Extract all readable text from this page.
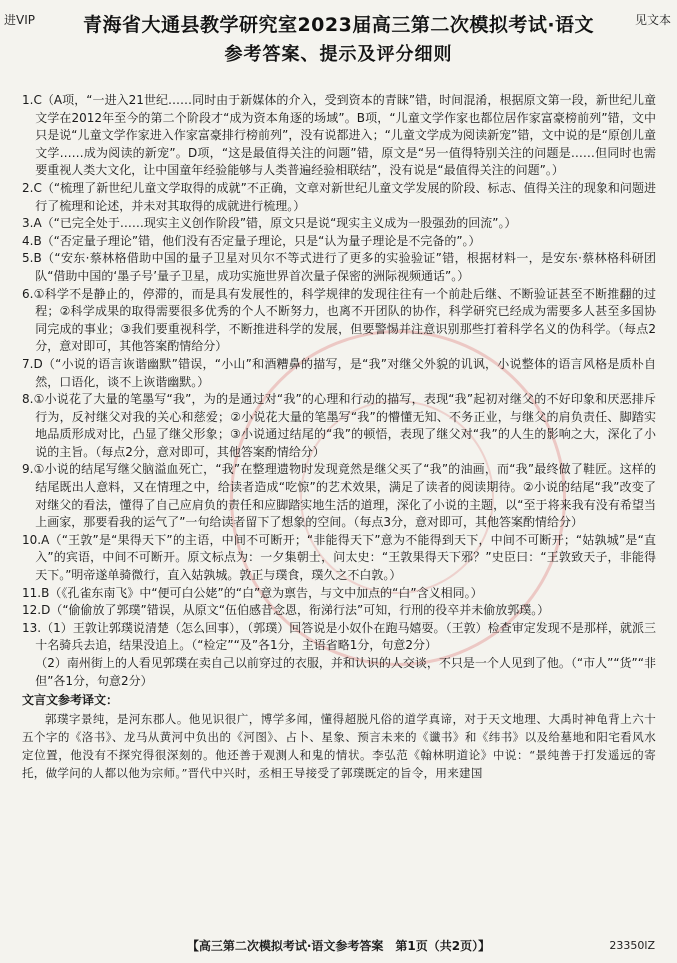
进VIP	见文本
青海省大通县教学研究室2023届高三第二次模拟考试·语文
参考答案、提示及评分细则

1.C（A项，“一进入21世纪……同时由于新媒体的介入，受到资本的青睐”错，时间混淆，根据原文第一段，新世纪儿童文学在2012年至今的第二个阶段才“成为资本角逐的场域”。B项，“儿童文学作家也都位居作家富豪榜前列”错，文中只是说“儿童文学作家进入作家富豪排行榜前列”，没有说都进入；“儿童文学成为阅读新宠”错，文中说的是“原创儿童文学……成为阅读的新宠”。D项，“这是最值得关注的问题”错，原文是“另一值得特别关注的问题是……但同时也需要重视人类大文化，让中国童年经验能够与人类普遍经验相联结”，没有说是“最值得关注的问题”。）

2.C（“梳理了新世纪儿童文学取得的成就”不正确，文章对新世纪儿童文学发展的阶段、标志、值得关注的现象和问题进行了梳理和论述，并未对其取得的成就进行梳理。）

3.A（“已完全处于……现实主义创作阶段”错，原文只是说“现实主义成为一股强劲的回流”。）

4.B（“否定量子理论”错，他们没有否定量子理论，只是“认为量子理论是不完备的”。）

5.B（“安东·蔡林格借助中国的量子卫星对贝尔不等式进行了更多的实验验证”错，根据材料一，是安东·蔡林格科研团队“借助中国的‘墨子号’量子卫星，成功实施世界首次量子保密的洲际视频通话”。）

6.①科学不是静止的，停滞的，而是具有发展性的，科学规律的发现往往有一个前赴后继、不断验证甚至不断推翻的过程；②科学成果的取得需要很多优秀的个人不断努力，也离不开团队的协作，科学研究已经成为需要多人甚至多国协同完成的事业；③我们要重视科学，不断推进科学的发展，但要警惕并注意识别那些打着科学名义的伪科学。（每点2分，意对即可，其他答案酌情给分）

7.D（“小说的语言诙谐幽默”错误，“小山”和酒糟鼻的描写，是“我”对继父外貌的讥讽，小说整体的语言风格是质朴自然，口语化，谈不上诙谐幽默。）

8.①小说花了大量的笔墨写“我”，为的是通过对“我”的心理和行动的描写，表现“我”起初对继父的不好印象和厌恶排斥行为，反衬继父对我的关心和慈爱；②小说花大量的笔墨写“我”的懵懂无知、不务正业，与继父的肩负责任、脚踏实地品质形成对比，凸显了继父形象；③小说通过结尾的“我”的顿悟，表现了继父对“我”的人生的影响之大，深化了小说的主旨。（每点2分，意对即可，其他答案酌情给分）

9.①小说的结尾写继父脑溢血死亡，“我”在整理遗物时发现竟然是继父买了“我”的油画，而“我”最终做了鞋匠。这样的结尾既出人意料，又在情理之中，给读者造成“吃惊”的艺术效果，满足了读者的阅读期待。②小说的结尾“我”改变了对继父的看法，懂得了自己应肩负的责任和应脚踏实地生活的道理，深化了小说的主题，以“至于将来我有没有希望当上画家，那要看我的运气了”一句给读者留下了想象的空间。（每点3分，意对即可，其他答案酌情给分）

10.A（“王敦”是“果得天下”的主语，中间不可断开；“非能得天下”意为不能得到天下，中间不可断开；“姑孰城”是“直入”的宾语，中间不可断开。原文标点为：一夕集朝士，问太史：“王敦果得天下邪？”史臣曰：“王敦致天子，非能得天下。”明帝遂单骑微行，直入姑孰城。敦正与璞食，璞久之不白敦。）

11.B（《孔雀东南飞》中“便可白公姥”的“白”意为禀告，与文中加点的“白”含义相同。）

12.D（“偷偷放了郭璞”错误，从原文“伍伯感昔念恩，衔涕行法”可知，行刑的役卒并未偷放郭璞。）

13.（1）王敦让郭璞说清楚（怎么回事），（郭璞）回答说是小奴仆在跑马嬉耍。（王敦）检查审定发现不是那样，就派三十名骑兵去追，结果没追上。（“检定”“及”各1分，主语省略1分，句意2分）

（2）南州街上的人看见郭璞在卖自己以前穿过的衣服，并和认识的人交谈，不只是一个人见到了他。（“市人”“货”“非但”各1分，句意2分）

文言文参考译文：

郭璞字景纯，是河东郡人。他见识很广，博学多闻，懂得超脱凡俗的道学真谛，对于天文地理、大禹时神龟背上六十五个字的《洛书》、龙马从黄河中负出的《河图》、占卜、星象、预言未来的《谶书》和《纬书》以及给墓地和阳宅看风水定位置，他没有不探究得很深刻的。他还善于观测人和鬼的情状。李弘范《翰林明道论》中说：“景纯善于打发遥远的寄托，做学问的人都以他为宗师。”晋代中兴时，丞相王导接受了郭璞既定的旨令，用来建国

【高三第二次模拟考试·语文参考答案　第1页（共2页）】	23350lZ
